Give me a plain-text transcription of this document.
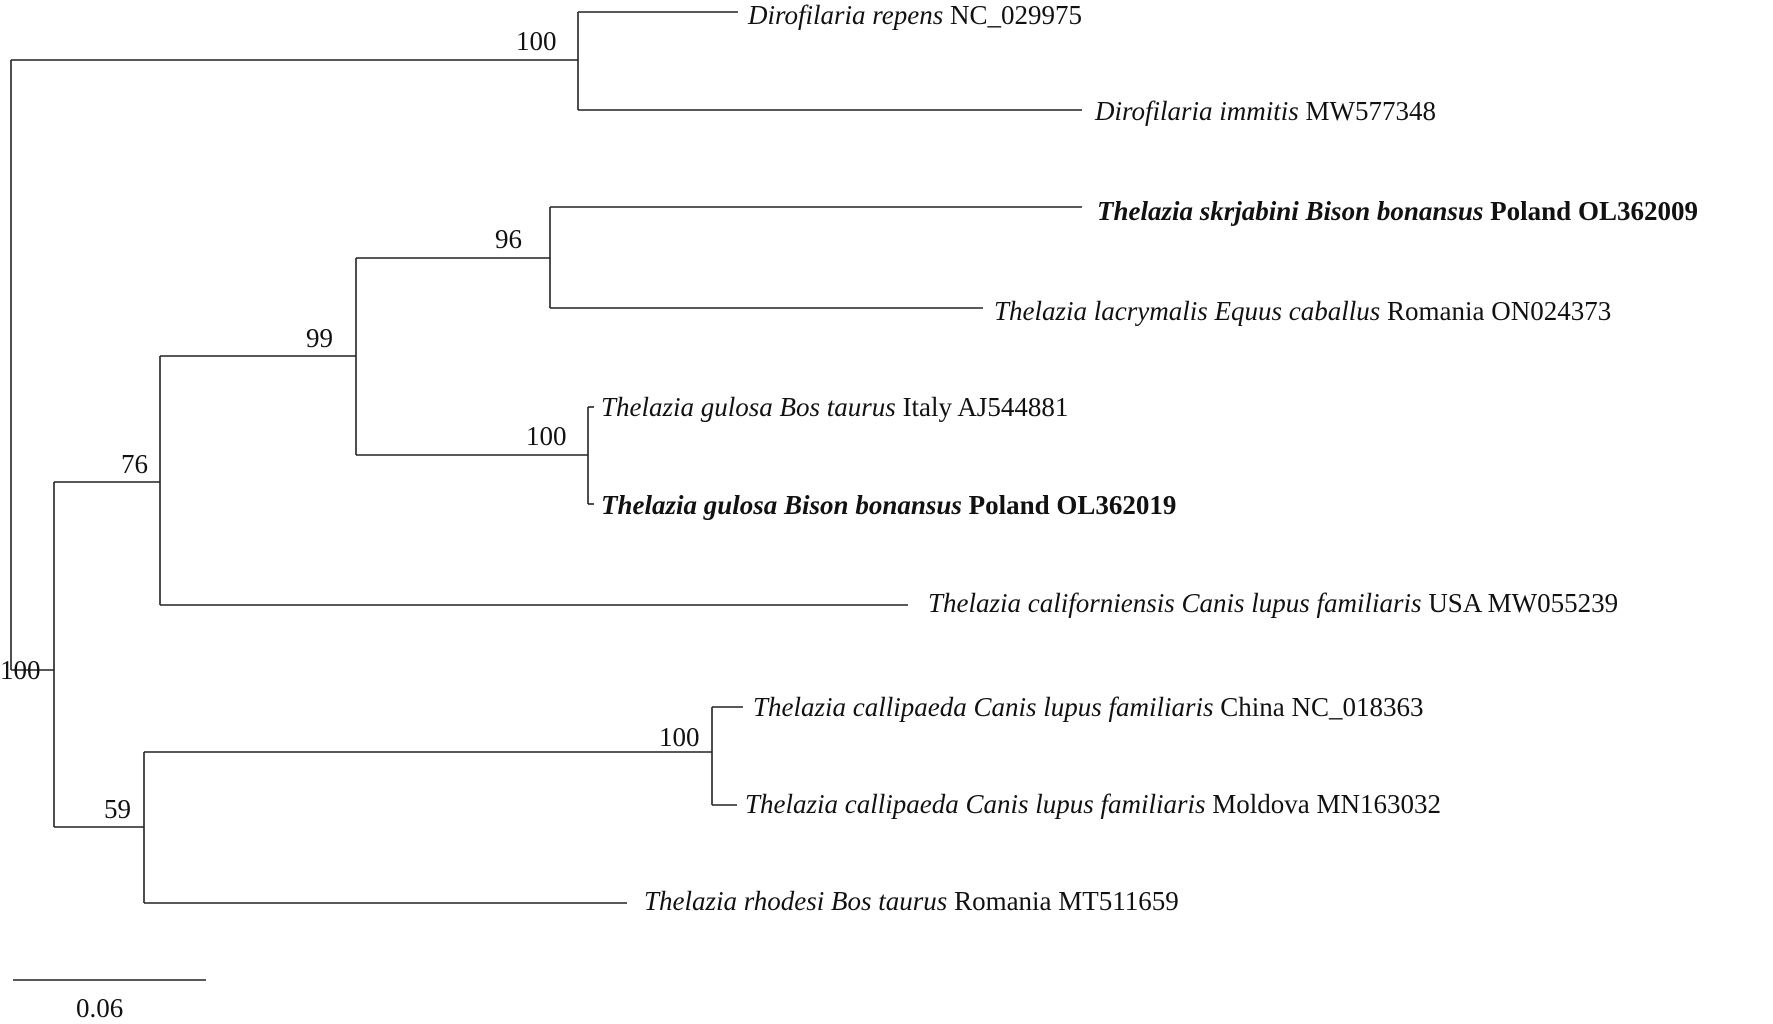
Dirofilaria repens NC_029975
Dirofilaria immitis MW577348
Thelazia skrjabini Bison bonansus Poland OL362009
Thelazia lacrymalis Equus caballus Romania ON024373
Thelazia gulosa Bos taurus Italy AJ544881
Thelazia gulosa Bison bonansus Poland OL362019
Thelazia californiensis Canis lupus familiaris USA MW055239
Thelazia callipaeda Canis lupus familiaris China NC_018363
Thelazia callipaeda Canis lupus familiaris Moldova MN163032
Thelazia rhodesi Bos taurus Romania MT511659
100
96
99
100
76
100
100
59
0.06
